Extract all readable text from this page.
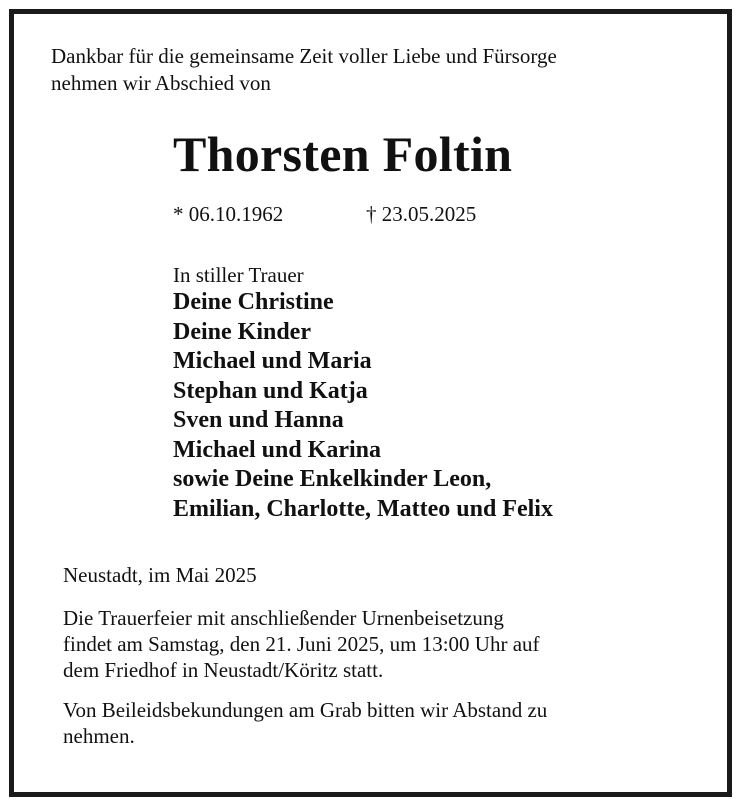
Dankbar für die gemeinsame Zeit voller Liebe und Fürsorge
nehmen wir Abschied von
Thorsten Foltin
* 06.10.1962	† 23.05.2025
In stiller Trauer
Deine Christine
Deine Kinder
Michael und Maria
Stephan und Katja
Sven und Hanna
Michael und Karina
sowie Deine Enkelkinder Leon,
Emilian, Charlotte, Matteo und Felix
Neustadt, im Mai 2025
Die Trauerfeier mit anschließender Urnenbeisetzung
findet am Samstag, den 21. Juni 2025, um 13:00 Uhr auf
dem Friedhof in Neustadt/Köritz statt.
Von Beileidsbekundungen am Grab bitten wir Abstand zu
nehmen.
